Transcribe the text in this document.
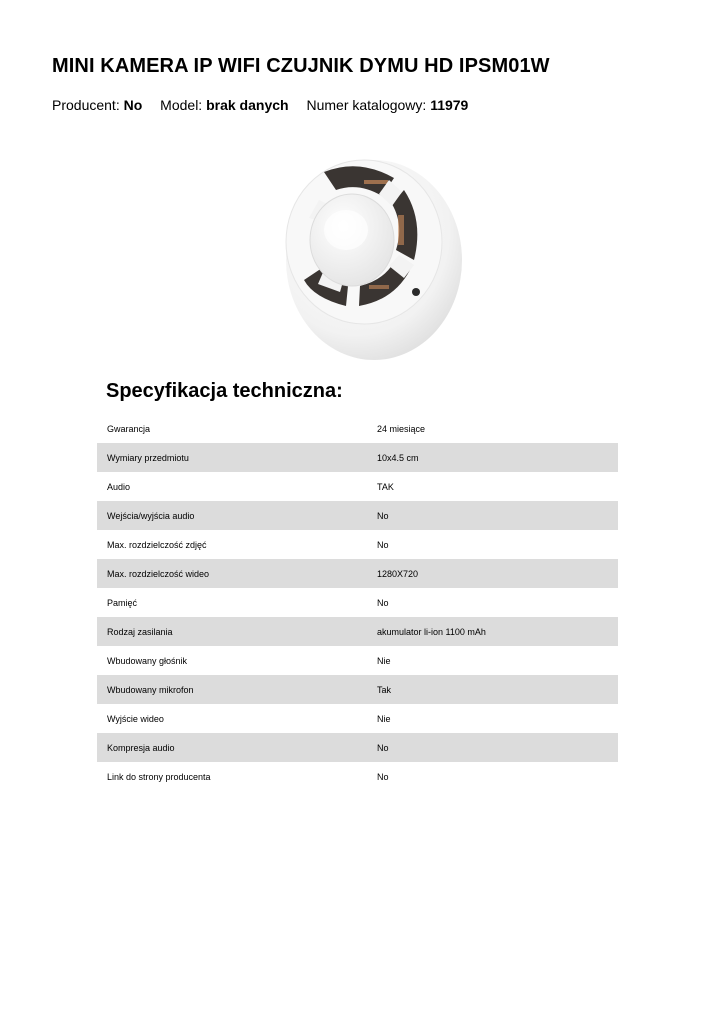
MINI KAMERA IP WIFI CZUJNIK DYMU HD IPSM01W
Producent: No Model: brak danych Numer katalogowy: 11979
Specyfikacja techniczna:
Gwarancja	24 miesiące
Wymiary przedmiotu	10x4.5 cm
Audio	TAK
Wejścia/wyjścia audio	No
Max. rozdzielczość zdjęć	No
Max. rozdzielczość wideo	1280X720
Pamięć	No
Rodzaj zasilania	akumulator li-ion 1100 mAh
Wbudowany głośnik	Nie
Wbudowany mikrofon	Tak
Wyjście wideo	Nie
Kompresja audio	No
Link do strony producenta	No
